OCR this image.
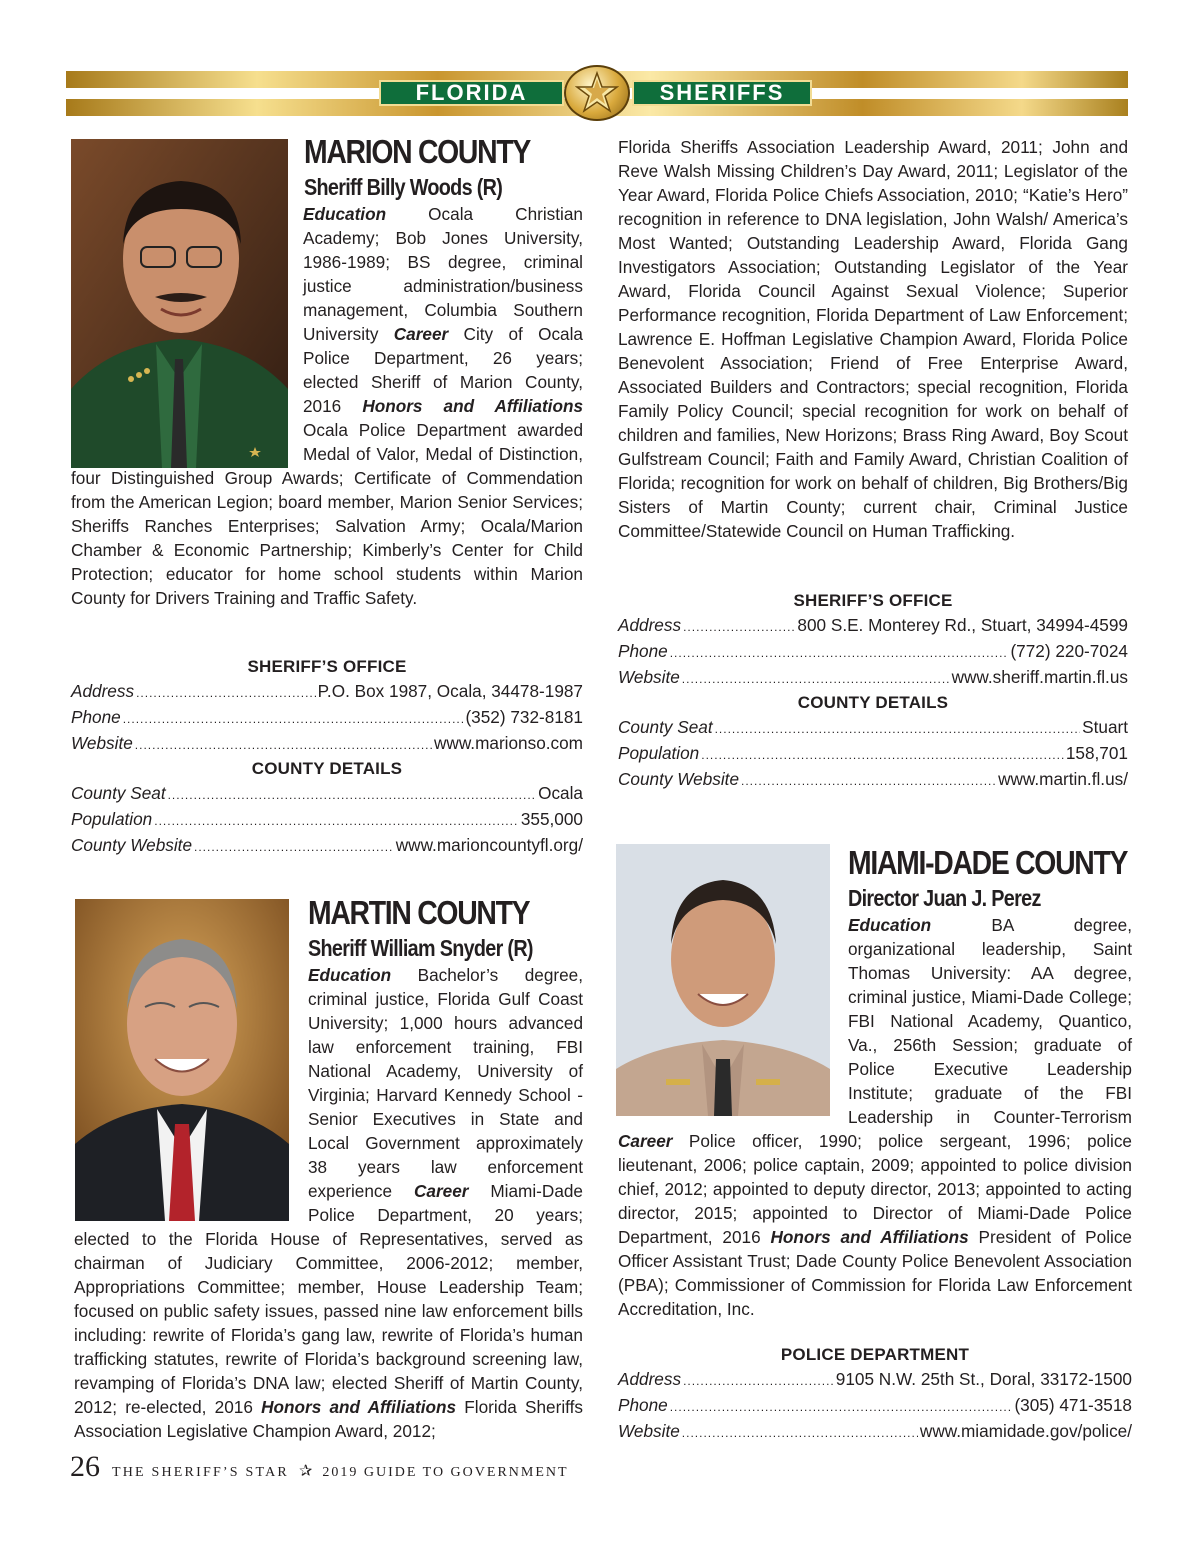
FLORIDA	SHERIFFS
MARION COUNTY
Sheriff Billy Woods (R)

Education Ocala Christian Academy; Bob Jones University, 1986-1989; BS degree, criminal justice administration/business management, Columbia Southern University Career City of Ocala Police Department, 26 years; elected Sheriff of Marion County, 2016 Honors and Affiliations Ocala Police Department awarded Medal of Valor, Medal of Distinction, four Distinguished Group Awards; Certificate of Commendation from the American Legion; board member, Marion Senior Services; Sheriffs Ranches Enterprises; Salvation Army; Ocala/Marion Chamber & Economic Partnership; Kimberly’s Center for Child Protection; educator for home school students within Marion County for Drivers Training and Traffic Safety.

SHERIFF’S OFFICE
Address .....	P.O. Box 1987, Ocala, 34478-1987
Phone .....	(352) 732-8181
Website .....	www.marionso.com
COUNTY DETAILS
County Seat .....	Ocala
Population .....	355,000
County Website .....	www.marioncountyfl.org/
MARTIN COUNTY
Sheriff William Snyder (R)

Education Bachelor’s degree, criminal justice, Florida Gulf Coast University; 1,000 hours advanced law enforcement training, FBI National Academy, University of Virginia; Harvard Kennedy School -Senior Executives in State and Local Government approximately 38 years law enforcement experience Career Miami-Dade Police Department, 20 years; elected to the Florida House of Representatives, served as chairman of Judiciary Committee, 2006-2012; member, Appropriations Committee; member, House Leadership Team; focused on public safety issues, passed nine law enforcement bills including: rewrite of Florida’s gang law, rewrite of Florida’s human trafficking statutes, rewrite of Florida’s background screening law, revamping of Florida’s DNA law; elected Sheriff of Martin County, 2012; re-elected, 2016 Honors and Affiliations Florida Sheriffs Association Legislative Champion Award, 2012;

Florida Sheriffs Association Leadership Award, 2011; John and Reve Walsh Missing Children’s Day Award, 2011; Legislator of the Year Award, Florida Police Chiefs Association, 2010; “Katie’s Hero” recognition in reference to DNA legislation, John Walsh/ America’s Most Wanted; Outstanding Leadership Award, Florida Gang Investigators Association; Outstanding Legislator of the Year Award, Florida Council Against Sexual Violence; Superior Performance recognition, Florida Department of Law Enforcement; Lawrence E. Hoffman Legislative Champion Award, Florida Police Benevolent Association; Friend of Free Enterprise Award, Associated Builders and Contractors; special recognition, Florida Family Policy Council; special recognition for work on behalf of children and families, New Horizons; Brass Ring Award, Boy Scout Gulfstream Council; Faith and Family Award, Christian Coalition of Florida; recognition for work on behalf of children, Big Brothers/Big Sisters of Martin County; current chair, Criminal Justice Committee/Statewide Council on Human Trafficking.

SHERIFF’S OFFICE
Address .....	800 S.E. Monterey Rd., Stuart, 34994-4599
Phone .....	(772) 220-7024
Website .....	www.sheriff.martin.fl.us
COUNTY DETAILS
County Seat .....	Stuart
Population .....	158,701
County Website .....	www.martin.fl.us/
MIAMI-DADE COUNTY
Director Juan J. Perez

Education BA degree, organizational leadership, Saint Thomas University: AA degree, criminal justice, Miami-Dade College; FBI National Academy, Quantico, Va., 256th Session; graduate of Police Executive Leadership Institute; graduate of the FBI Leadership in Counter-Terrorism Career Police officer, 1990; police sergeant, 1996; police lieutenant, 2006; police captain, 2009; appointed to police division chief, 2012; appointed to deputy director, 2013; appointed to acting director, 2015; appointed to Director of Miami-Dade Police Department, 2016 Honors and Affiliations President of Police Officer Assistant Trust; Dade County Police Benevolent Association (PBA); Commissioner of Commission for Florida Law Enforcement Accreditation, Inc.

POLICE DEPARTMENT
Address .....	9105 N.W. 25th St., Doral, 33172-1500
Phone .....	(305) 471-3518
Website .....	www.miamidade.gov/police/
26 THE SHERIFF’S STAR ✰ 2019 GUIDE TO GOVERNMENT
